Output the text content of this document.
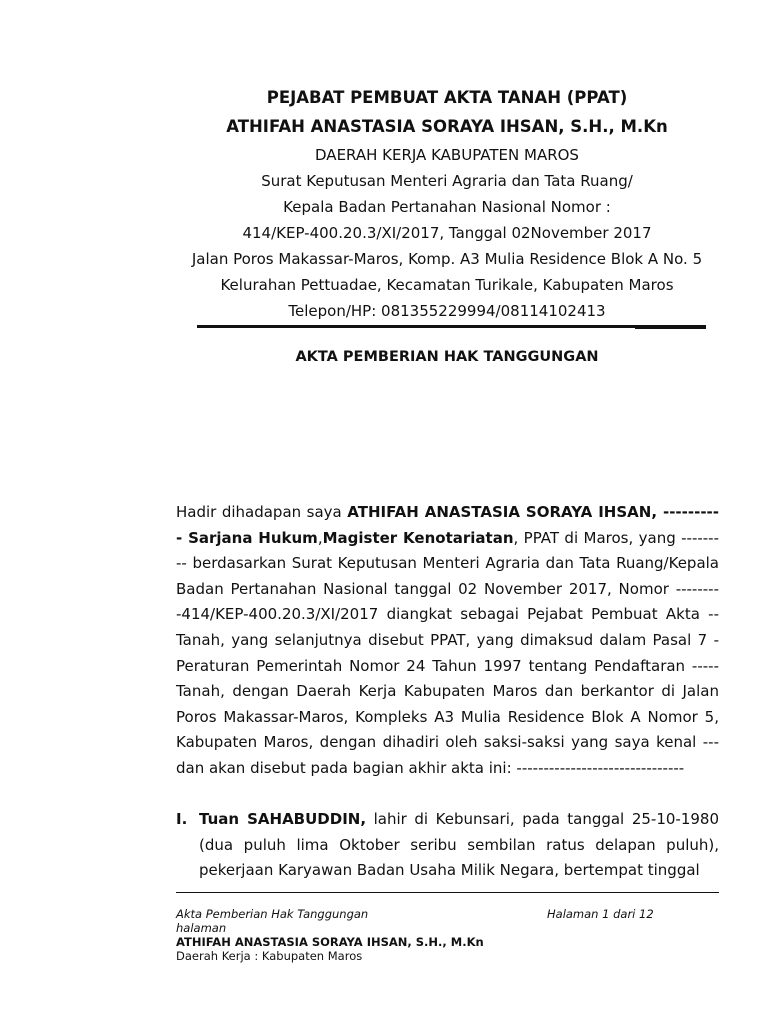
PEJABAT PEMBUAT AKTA TANAH (PPAT)
ATHIFAH ANASTASIA SORAYA IHSAN, S.H., M.Kn
DAERAH KERJA KABUPATEN MAROS
Surat Keputusan Menteri Agraria dan Tata Ruang/
Kepala Badan Pertanahan Nasional Nomor :
414/KEP-400.20.3/XI/2017, Tanggal 02November 2017
Jalan Poros Makassar-Maros, Komp. A3 Mulia Residence Blok A No. 5
Kelurahan Pettuadae, Kecamatan Turikale, Kabupaten Maros
Telepon/HP: 081355229994/08114102413
AKTA PEMBERIAN HAK TANGGUNGAN

Hadir dihadapan saya ATHIFAH ANASTASIA SORAYA IHSAN, ---------- Sarjana Hukum,Magister Kenotariatan, PPAT di Maros, yang --------- berdasarkan Surat Keputusan Menteri Agraria dan Tata Ruang/Kepala Badan Pertanahan Nasional tanggal 02 November 2017, Nomor ---------414/KEP-400.20.3/XI/2017 diangkat sebagai Pejabat Pembuat Akta -- Tanah, yang selanjutnya disebut PPAT, yang dimaksud dalam Pasal 7 -Peraturan Pemerintah Nomor 24 Tahun 1997 tentang Pendaftaran ----- Tanah, dengan Daerah Kerja Kabupaten Maros dan berkantor di Jalan Poros Makassar-Maros, Kompleks A3 Mulia Residence Blok A Nomor 5, Kabupaten Maros, dengan dihadiri oleh saksi-saksi yang saya kenal ---dan akan disebut pada bagian akhir akta ini: -------------------------------

I. Tuan SAHABUDDIN, lahir di Kebunsari, pada tanggal 25-10-1980 (dua puluh lima Oktober seribu sembilan ratus delapan puluh), pekerjaan Karyawan Badan Usaha Milik Negara, bertempat tinggal
Akta Pemberian Hak Tanggungan	Halaman 1 dari 12
halaman
ATHIFAH ANASTASIA SORAYA IHSAN, S.H., M.Kn
Daerah Kerja : Kabupaten Maros
